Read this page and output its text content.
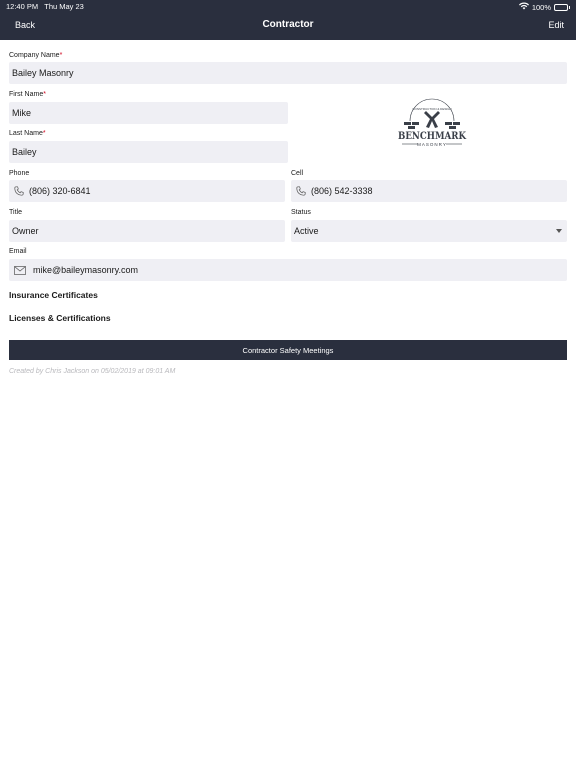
12:40 PM Thu May 23	100%
Back	Contractor	Edit
Company Name*
Bailey Masonry
First Name*
Mike
Last Name*
Bailey
CONSTRUCTION & DESIGN
BENCHMARK
MASONRY
Phone
(806) 320-6841
Cell
(806) 542-3338
Title
Owner
Status
Active
Email
mike@baileymasonry.com
Insurance Certificates
Licenses & Certifications
Contractor Safety Meetings
Created by Chris Jackson on 05/02/2019 at 09:01 AM
